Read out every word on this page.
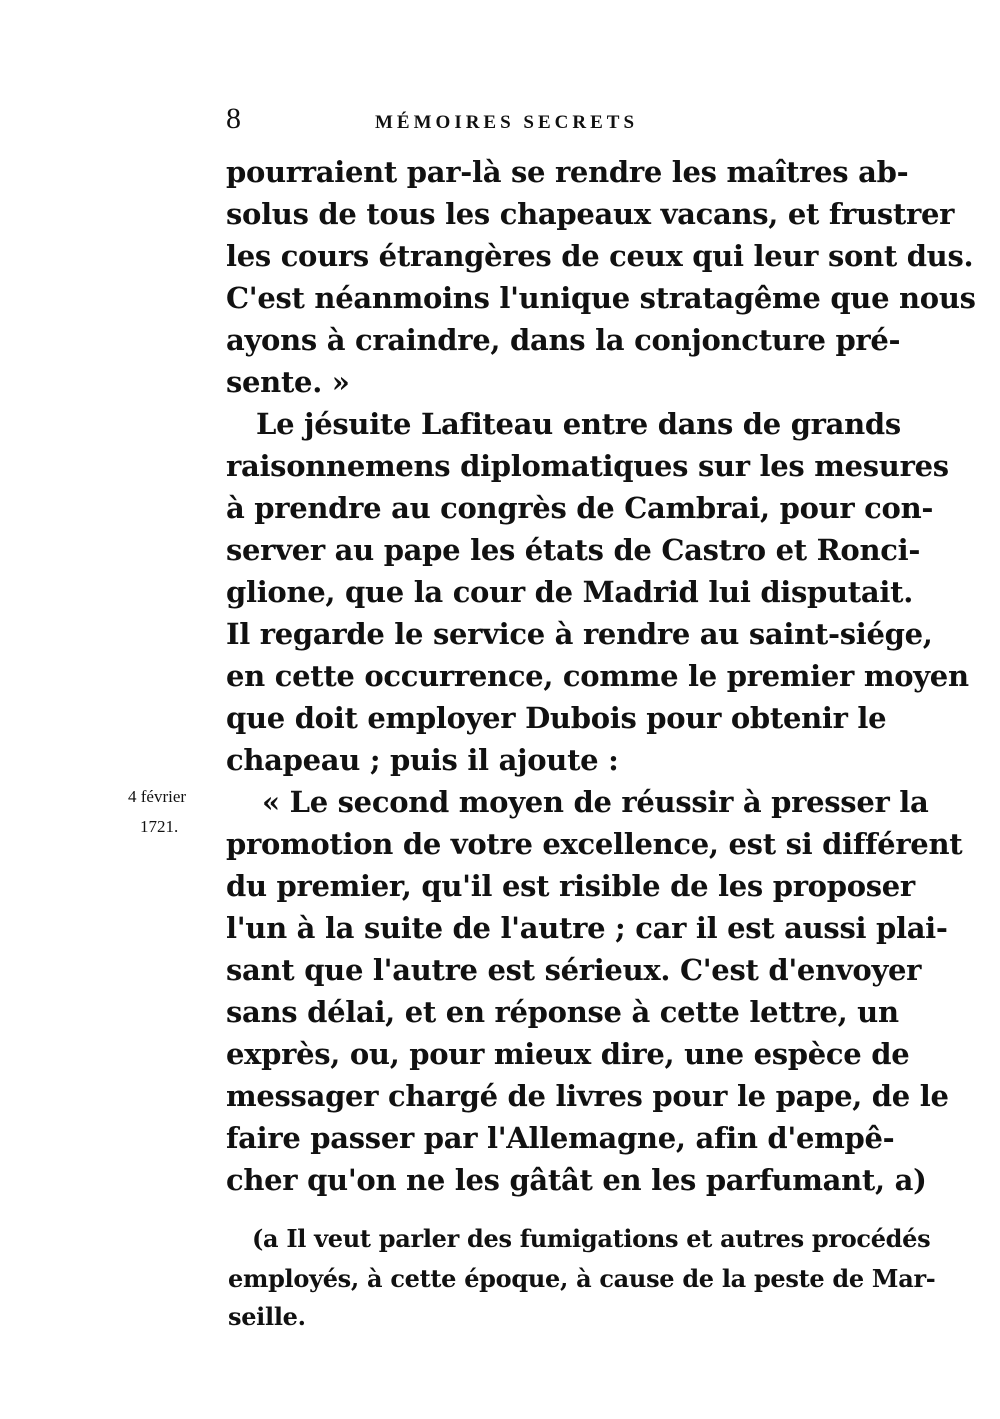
8	MÉMOIRES SECRETS
pourraient par-là se rendre les maîtres ab-
solus de tous les chapeaux vacans, et frustrer
les cours étrangères de ceux qui leur sont dus.
C'est néanmoins l'unique stratagême que nous
ayons à craindre, dans la conjoncture pré-
sente. »
Le jésuite Lafiteau entre dans de grands
raisonnemens diplomatiques sur les mesures
à prendre au congrès de Cambrai, pour con-
server au pape les états de Castro et Ronci-
glione, que la cour de Madrid lui disputait.
Il regarde le service à rendre au saint-siége,
en cette occurrence, comme le premier moyen
que doit employer Dubois pour obtenir le
chapeau ; puis il ajoute :
« Le second moyen de réussir à presser la
promotion de votre excellence, est si différent
du premier, qu'il est risible de les proposer
l'un à la suite de l'autre ; car il est aussi plai-
sant que l'autre est sérieux. C'est d'envoyer
sans délai, et en réponse à cette lettre, un
exprès, ou, pour mieux dire, une espèce de
messager chargé de livres pour le pape, de le
faire passer par l'Allemagne, afin d'empê-
cher qu'on ne les gâtât en les parfumant, a)
4 février
1721.
(a Il veut parler des fumigations et autres procédés
employés, à cette époque, à cause de la peste de Mar-
seille.
